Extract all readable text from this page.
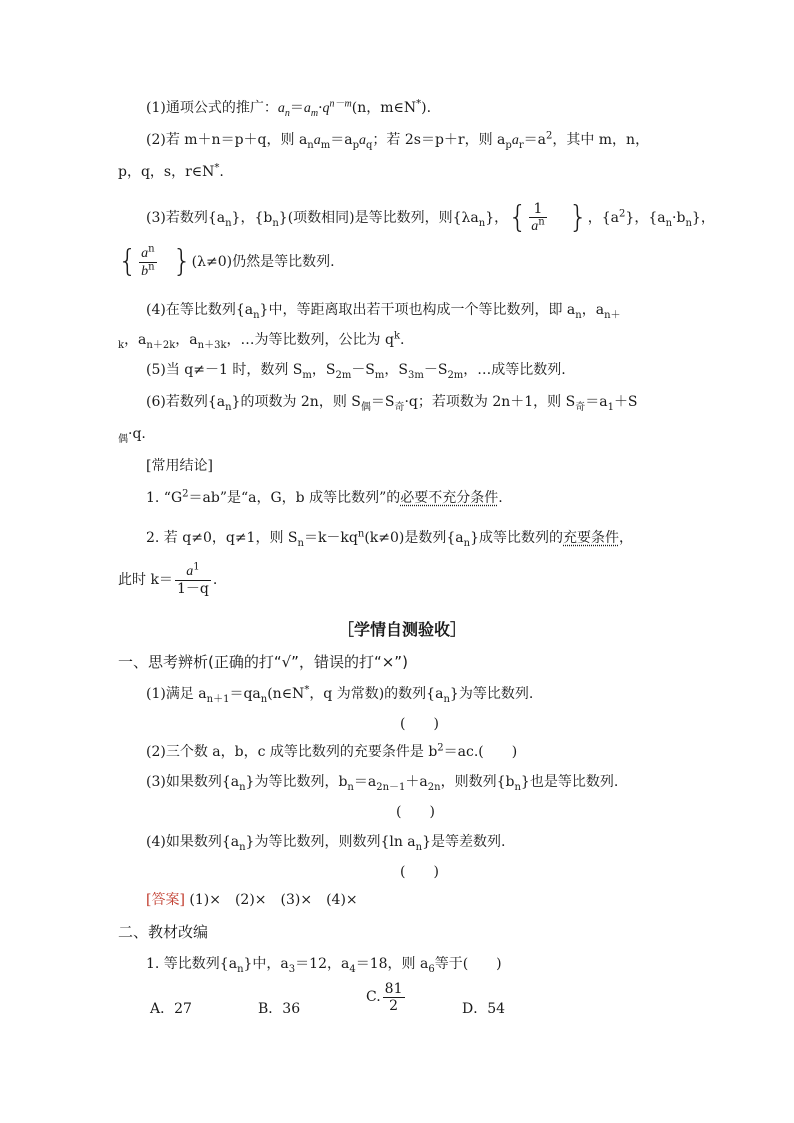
(1)通项公式的推广：$a_n=a_m\cdot q^{n-m}(n$，m∈N*).
(2)若 m＋n＝p＋q，则 $a_na_m=a_pa_q$；若 2s＝p＋r，则 $a_pa_r=a^2$，其中 m，n，
p，q，s，r∈N*.
(3)若数列$\{a_n\}$，$\{b_n\}$(项数相同)是等比数列，则$\{\lambda a_n\}$，{ $\frac{1}{a^n}$ }，$\{a^2\}$，$\{a_n\cdot b_n\}$，
{ $\frac{a^n}{b^n} \}(\lambda\ne 0)$仍然是等比数列.
(4)在等比数列$\{a_n\}$中，等距离取出若干项也构成一个等比数列，即 $a_n$，$a_{n+}$
$_k$，$a_{n+2k}$，$a_{n+3k}$，…为等比数列，公比为 $q^k$.
(5)当 q≠－1 时，数列 $S_m$，$S_{2m}-S_m$，$S_{3m}-S_{2m}$，…成等比数列.
(6)若数列$\{a_n\}$的项数为 2n，则 $S_偶=S_奇\cdot q$；若项数为 2n＋1，则 $S_奇=a_1+S$
$_偶$·q.
[常用结论]
1. “$G^2=ab$”是“a，G，b 成等比数列”的必要不充分条件.
2. 若 q≠0，q≠1，则 $S_n=k-kq^n(k\ne 0)$是数列$\{a_n\}$成等比数列的充要条件，
此时 $k= \frac{a^1}{1-q}$ .
［学情自测验收］
一、思考辨析(正确的打“√”，错误的打“×”)
(1)满足 $a_{n+1}=qa_n(n\in N^*$，q 为常数)的数列$\{a_n\}$为等比数列.
(　　)
(2)三个数 a，b，c 成等比数列的充要条件是 $b^2=ac$.(　　)
(3)如果数列$\{a_n\}$为等比数列，$b_n=a_{2n-1}+a_{2n}$，则数列$\{b_n\}$也是等比数列.
(　　)
(4)如果数列$\{a_n\}$为等比数列，则数列{ln $a_n$}是等差数列.
(　　)
[答案] (1)×　(2)×　(3)×　(4)×
二、教材改编
1. 等比数列$\{a_n\}$中，$a_3=12$，$a_4=18$，则 $a_6$等于(　　)
A．27	B．36
C. $\frac{81}{2}$	D．54
